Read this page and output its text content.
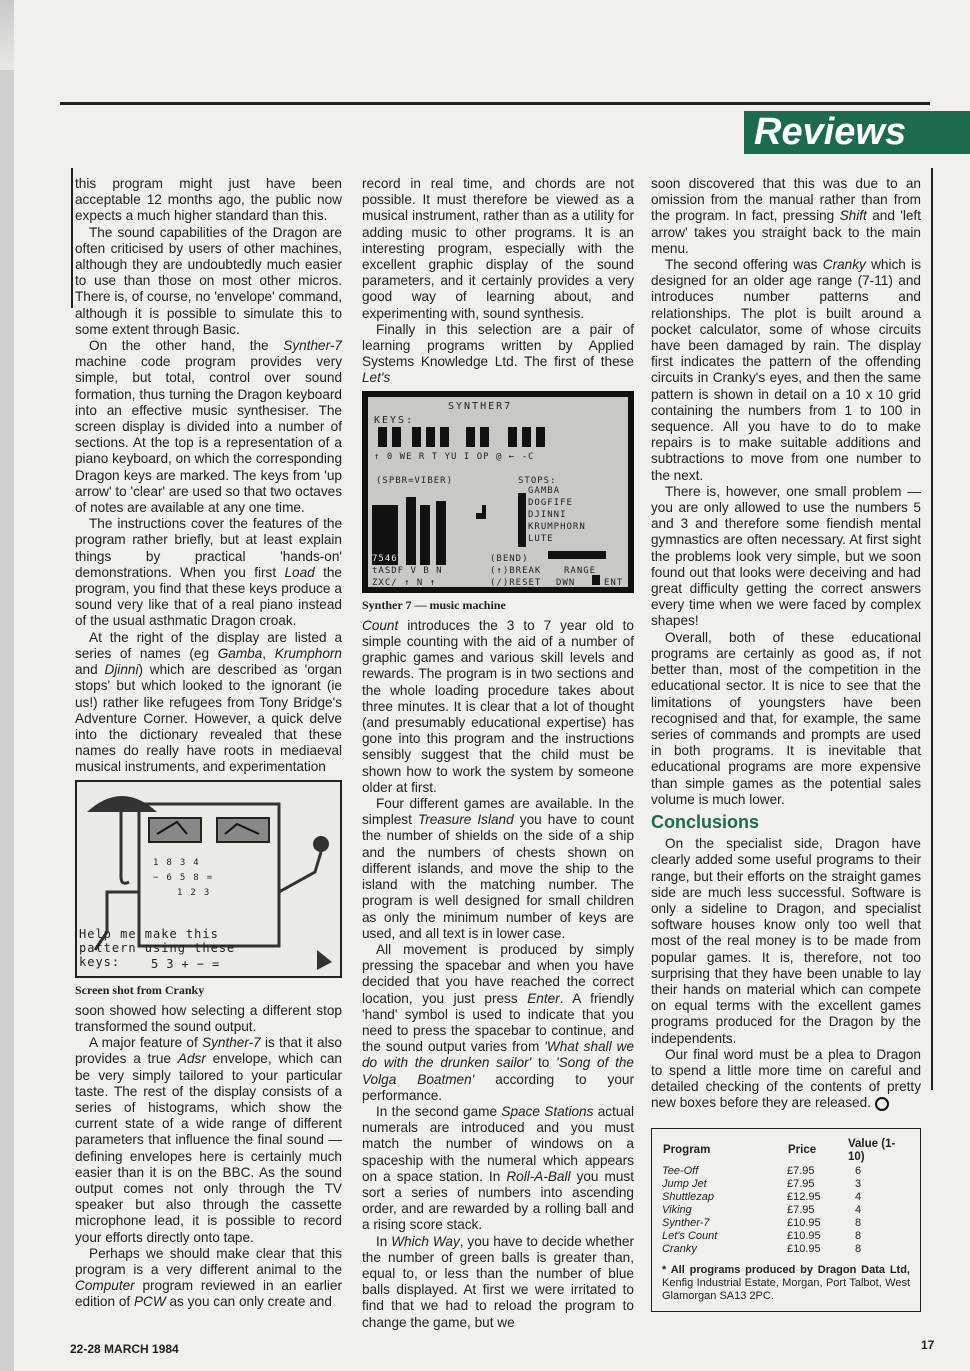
Reviews

this program might just have been acceptable 12 months ago, the public now expects a much higher standard than this.

The sound capabilities of the Dragon are often criticised by users of other machines, although they are undoubtedly much easier to use than those on most other micros. There is, of course, no 'envelope' command, although it is possible to simulate this to some extent through Basic.

On the other hand, the Synther-7 machine code program provides very simple, but total, control over sound formation, thus turning the Dragon keyboard into an effective music synthesiser. The screen display is divided into a number of sections. At the top is a representation of a piano keyboard, on which the corresponding Dragon keys are marked. The keys from 'up arrow' to 'clear' are used so that two octaves of notes are available at any one time.

The instructions cover the features of the program rather briefly, but at least explain things by practical 'hands-on' demonstrations. When you first Load the program, you find that these keys produce a sound very like that of a real piano instead of the usual asthmatic Dragon croak.

At the right of the display are listed a series of names (eg Gamba, Krumphorn and Djinni) which are described as 'organ stops' but which looked to the ignorant (ie us!) rather like refugees from Tony Bridge's Adventure Corner. However, a quick delve into the dictionary revealed that these names do really have roots in mediaeval musical instruments, and experimentation

1834
−658=
123
Help me make this
pattern using these
keys:	53+−=
Screen shot from Cranky

soon showed how selecting a different stop transformed the sound output.

A major feature of Synther-7 is that it also provides a true Adsr envelope, which can be very simply tailored to your particular taste. The rest of the display consists of a series of histograms, which show the current state of a wide range of different parameters that influence the final sound — defining envelopes here is certainly much easier than it is on the BBC. As the sound output comes not only through the TV speaker but also through the cassette microphone lead, it is possible to record your efforts directly onto tape.

Perhaps we should make clear that this program is a very different animal to the Computer program reviewed in an earlier edition of PCW as you can only create and

record in real time, and chords are not possible. It must therefore be viewed as a musical instrument, rather than as a utility for adding music to other programs. It is an interesting program, especially with the excellent graphic display of the sound parameters, and it certainly provides a very good way of learning about, and experimenting with, sound synthesis.

Finally in this selection are a pair of learning programs written by Applied Systems Knowledge Ltd. The first of these Let's

SYNTHER7
KEYS:
↑ 0 WE R T YU I OP @ ← -C
(SPBR=VIBER)	STOPS:
GAMBA
DOGFIFE
DJINNI
KRUMPHORN
LUTE
(BEND)
(↑)BREAK
(/)RESET
RANGE
DWN	ENT
7546
tASDF V B N
ZXC/ ↑ N ↑
Synther 7 — music machine

Count introduces the 3 to 7 year old to simple counting with the aid of a number of graphic games and various skill levels and rewards. The program is in two sections and the whole loading procedure takes about three minutes. It is clear that a lot of thought (and presumably educational expertise) has gone into this program and the instructions sensibly suggest that the child must be shown how to work the system by someone older at first.

Four different games are available. In the simplest Treasure Island you have to count the number of shields on the side of a ship and the numbers of chests shown on different islands, and move the ship to the island with the matching number. The program is well designed for small children as only the minimum number of keys are used, and all text is in lower case.

All movement is produced by simply pressing the spacebar and when you have decided that you have reached the correct location, you just press Enter. A friendly 'hand' symbol is used to indicate that you need to press the spacebar to continue, and the sound output varies from 'What shall we do with the drunken sailor' to 'Song of the Volga Boatmen' according to your performance.

In the second game Space Stations actual numerals are introduced and you must match the number of windows on a spaceship with the numeral which appears on a space station. In Roll-A-Ball you must sort a series of numbers into ascending order, and are rewarded by a rolling ball and a rising score stack.

In Which Way, you have to decide whether the number of green balls is greater than, equal to, or less than the number of blue balls displayed. At first we were irritated to find that we had to reload the program to change the game, but we

soon discovered that this was due to an omission from the manual rather than from the program. In fact, pressing Shift and 'left arrow' takes you straight back to the main menu.

The second offering was Cranky which is designed for an older age range (7-11) and introduces number patterns and relationships. The plot is built around a pocket calculator, some of whose circuits have been damaged by rain. The display first indicates the pattern of the offending circuits in Cranky's eyes, and then the same pattern is shown in detail on a 10 x 10 grid containing the numbers from 1 to 100 in sequence. All you have to do to make repairs is to make suitable additions and subtractions to move from one number to the next.

There is, however, one small problem — you are only allowed to use the numbers 5 and 3 and therefore some fiendish mental gymnastics are often necessary. At first sight the problems look very simple, but we soon found out that looks were deceiving and had great difficulty getting the correct answers every time when we were faced by complex shapes!

Overall, both of these educational programs are certainly as good as, if not better than, most of the competition in the educational sector. It is nice to see that the limitations of youngsters have been recognised and that, for example, the same series of commands and prompts are used in both programs. It is inevitable that educational programs are more expensive than simple games as the potential sales volume is much lower.

Conclusions

On the specialist side, Dragon have clearly added some useful programs to their range, but their efforts on the straight games side are much less successful. Software is only a sideline to Dragon, and specialist software houses know only too well that most of the real money is to be made from popular games. It is, therefore, not too surprising that they have been unable to lay their hands on material which can compete on equal terms with the excellent games programs produced for the Dragon by the independents.

Our final word must be a plea to Dragon to spend a little more time on careful and detailed checking of the contents of pretty new boxes before they are released.

Program	Price	Value (1-10)
Tee-Off	£7.95	6
Jump Jet	£7.95	3
Shuttlezap	£12.95	4
Viking	£7.95	4
Synther-7	£10.95	8
Let's Count	£10.95	8
Cranky	£10.95	8
* All programs produced by Dragon Data Ltd, Kenfig Industrial Estate, Morgan, Port Talbot, West Glamorgan SA13 2PC.
22-28 MARCH 1984	17
